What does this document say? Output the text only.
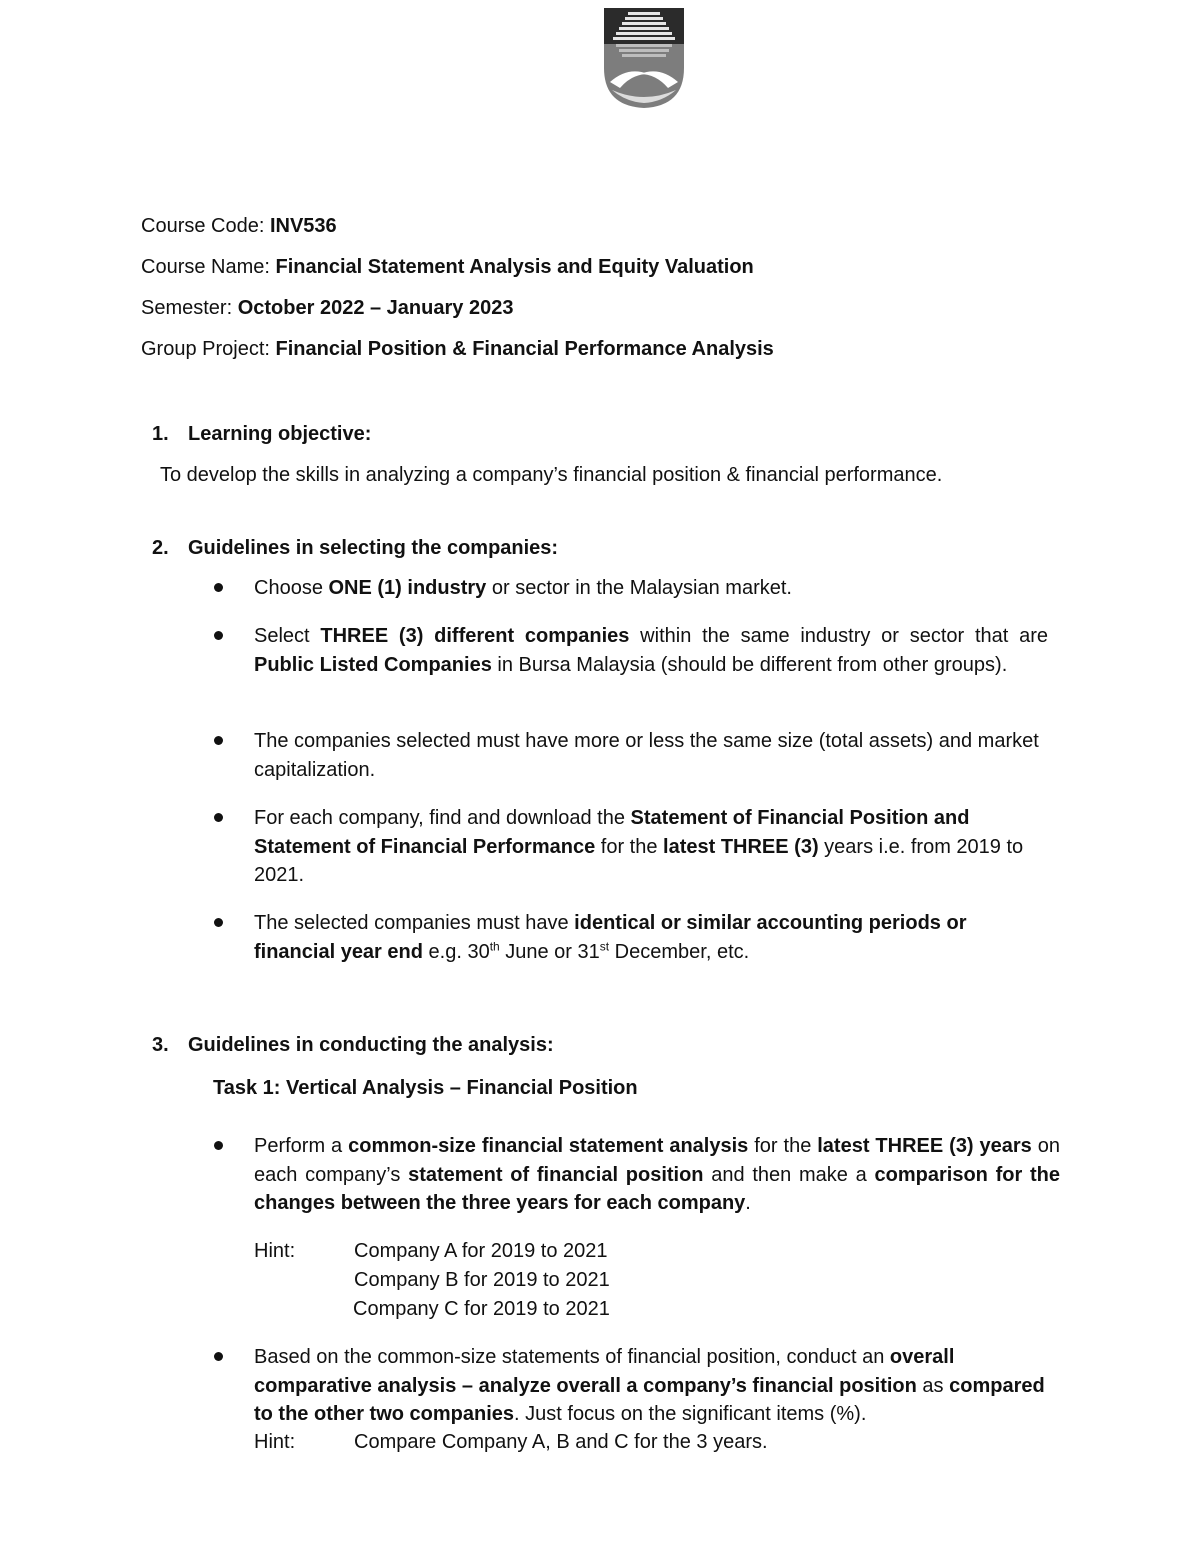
Course Code: INV536

Course Name: Financial Statement Analysis and Equity Valuation

Semester: October 2022 – January 2023

Group Project: Financial Position & Financial Performance Analysis

1. Learning objective:

To develop the skills in analyzing a company’s financial position & financial performance.

2. Guidelines in selecting the companies:

Choose ONE (1) industry or sector in the Malaysian market.

Select THREE (3) different companies within the same industry or sector that are Public Listed Companies in Bursa Malaysia (should be different from other groups).

The companies selected must have more or less the same size (total assets) and market capitalization.

For each company, find and download the Statement of Financial Position and Statement of Financial Performance for the latest THREE (3) years i.e. from 2019 to 2021.

The selected companies must have identical or similar accounting periods or financial year end e.g. 30th June or 31st December, etc.

3. Guidelines in conducting the analysis:

Task 1: Vertical Analysis – Financial Position

Perform a common-size financial statement analysis for the latest THREE (3) years on each company’s statement of financial position and then make a comparison for the changes between the three years for each company.

Hint:	Company A for 2019 to 2021

Company B for 2019 to 2021

Company C for 2019 to 2021

Based on the common-size statements of financial position, conduct an overall comparative analysis – analyze overall a company’s financial position as compared to the other two companies. Just focus on the significant items (%).

Hint:	Compare Company A, B and C for the 3 years.
